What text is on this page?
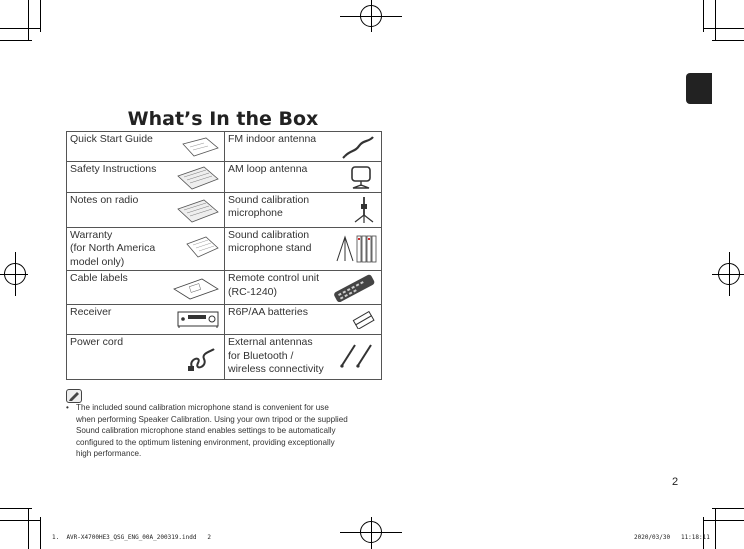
What’s In the Box
Quick Start Guide	FM indoor antenna

Safety Instructions	AM loop antenna

Notes on radio	Sound calibration
microphone

Warranty
(for North America
model only)	Sound calibration
microphone stand

Cable labels	Remote control unit
(RC-1240)

Receiver	R6P/AA batteries

Power cord	External antennas
for Bluetooth /
wireless connectivity
• The included sound calibration microphone stand is convenient for use
when performing Speaker Calibration. Using your own tripod or the supplied
Sound calibration microphone stand enables settings to be automatically
configured to the optimum listening environment, providing exceptionally
high performance.
2
1.  AVR-X4700HE3_QSG_ENG_00A_200319.indd   2	2020/03/30   11:18:11
